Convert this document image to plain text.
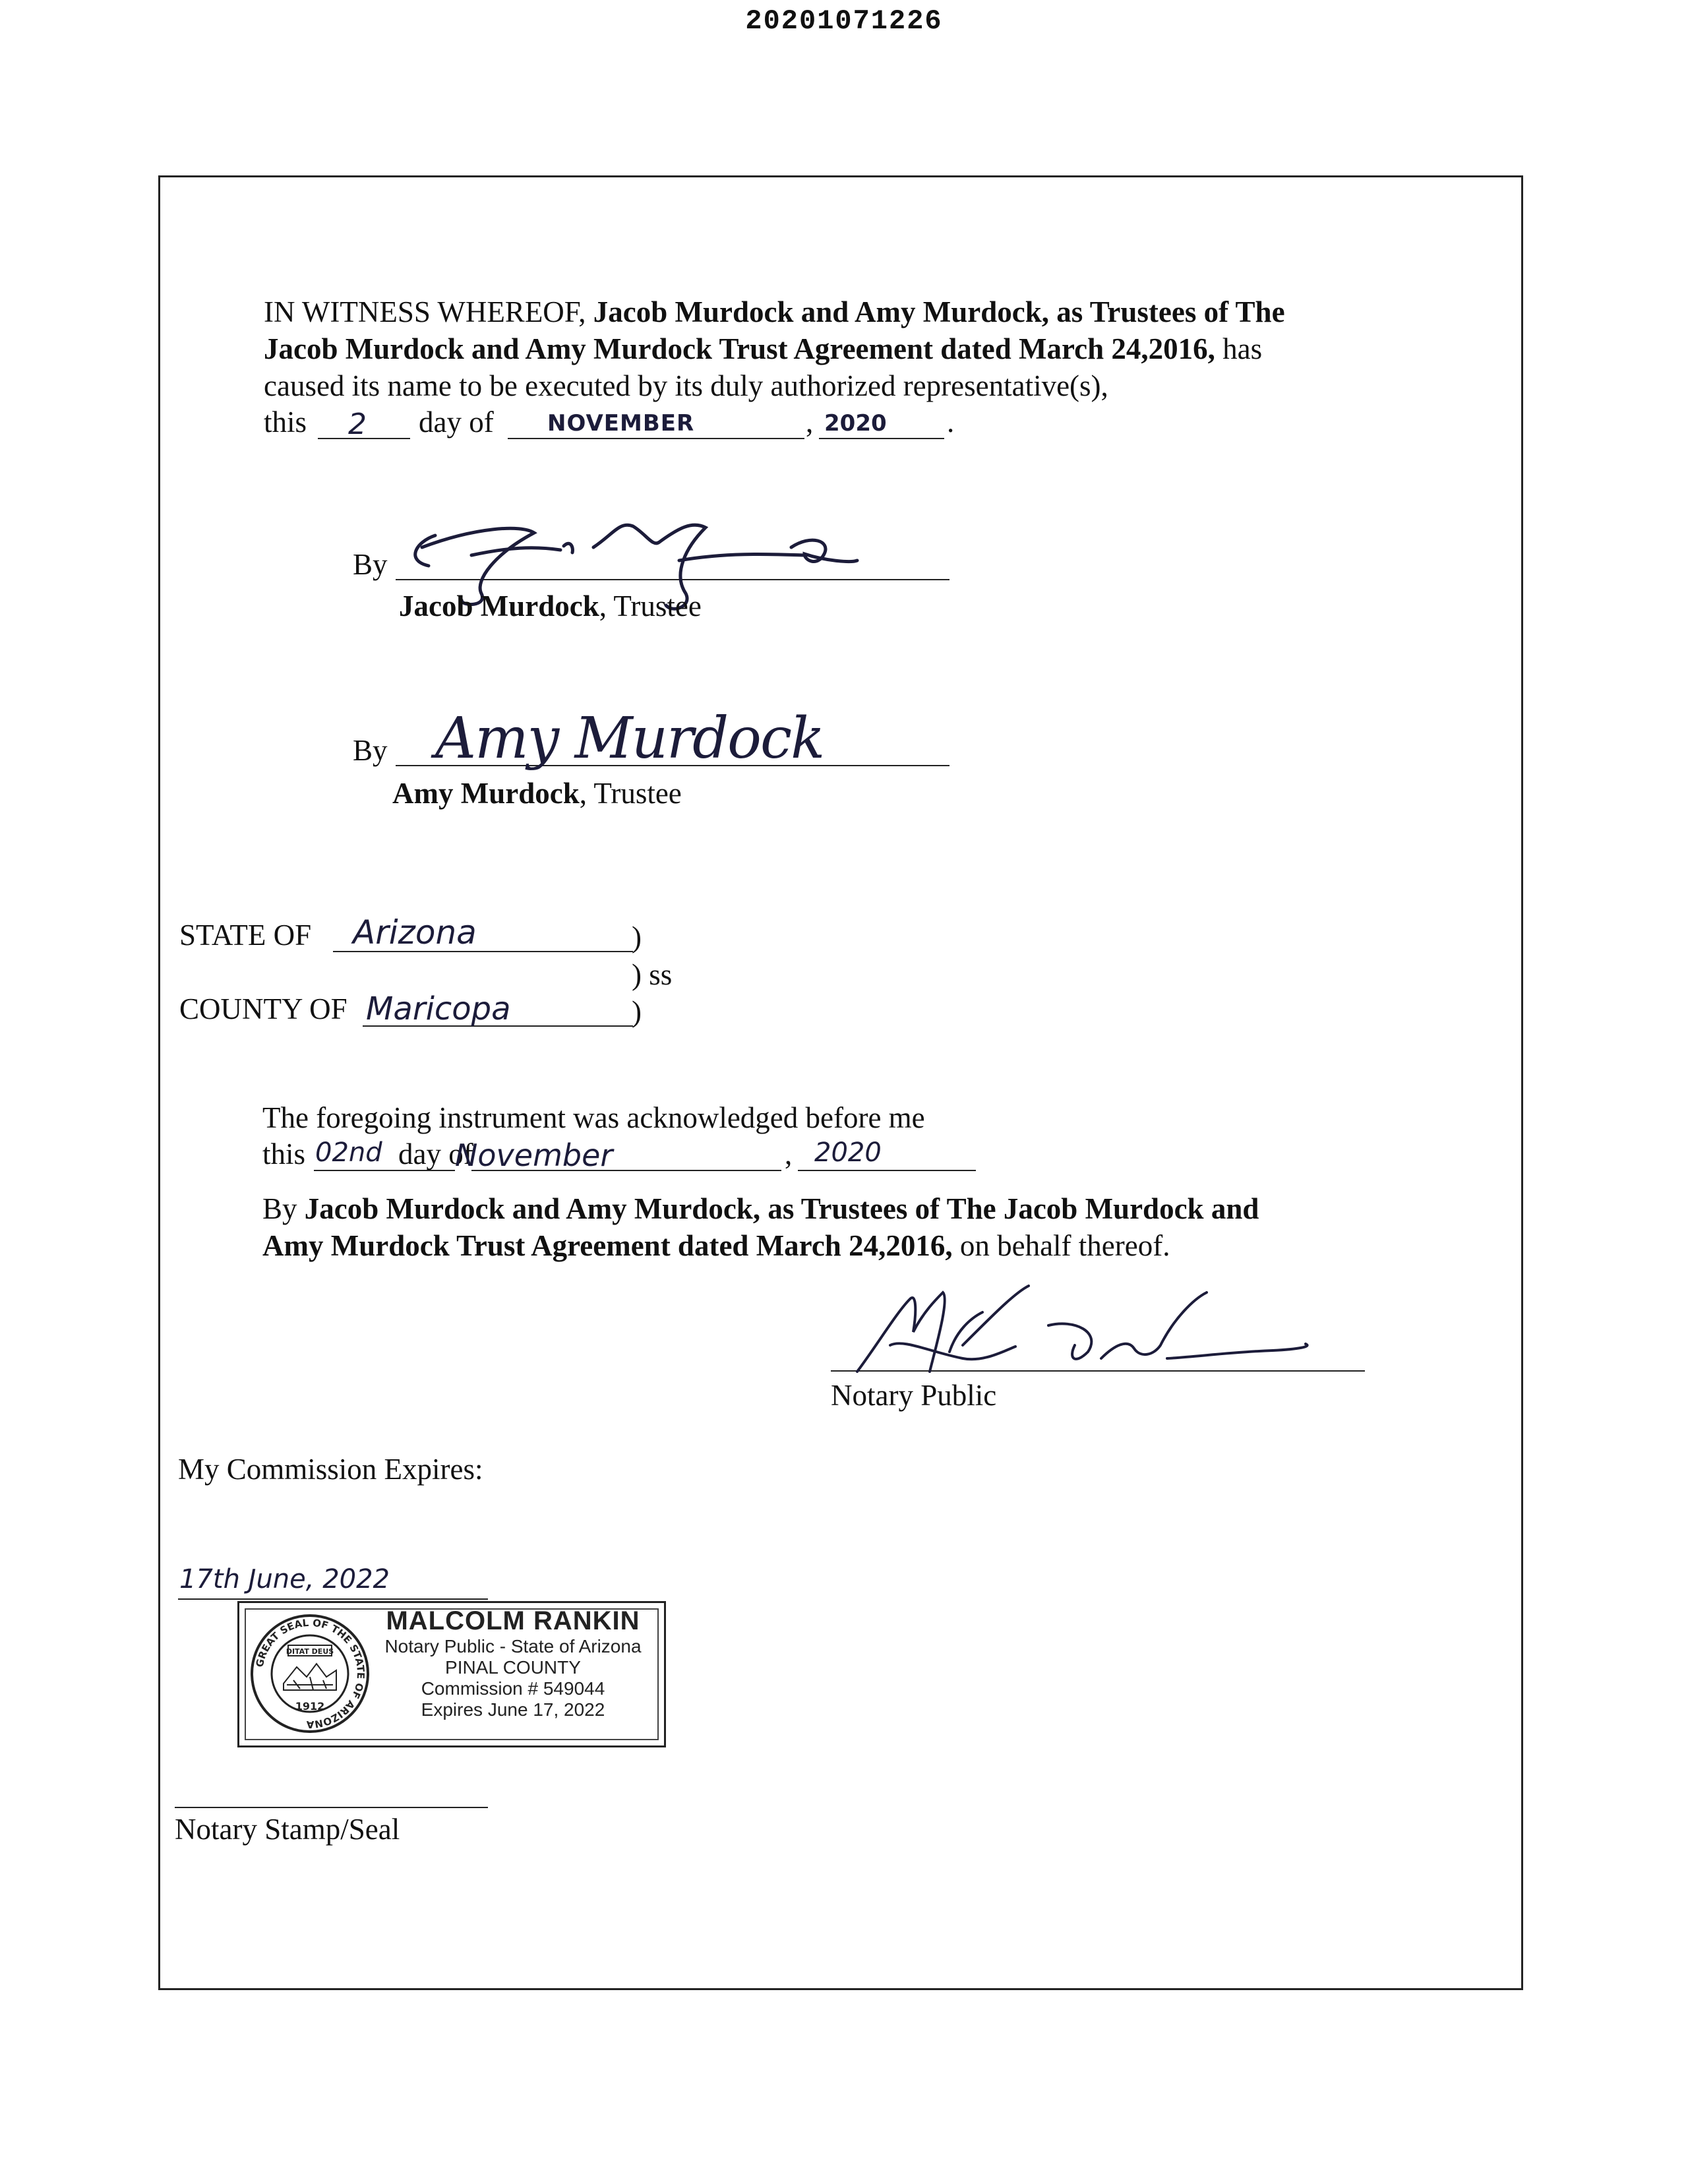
20201071226
IN WITNESS WHEREOF, Jacob Murdock and Amy Murdock, as Trustees of The
Jacob Murdock and Amy Murdock Trust Agreement dated March 24,2016, has
caused its name to be executed by its duly authorized representative(s),
this 2 day of NOVEMBER	, 2020 .
By
Jacob Murdock, Trustee
By Amy Murdock
Amy Murdock, Trustee
STATE OF Arizona	)
) ss
COUNTY OF Maricopa	)
The foregoing instrument was acknowledged before me
this 02nd day of
November	, 2020
By Jacob Murdock and Amy Murdock, as Trustees of The Jacob Murdock and
Amy Murdock Trust Agreement dated March 24,2016, on behalf thereof.
Notary Public
My Commission Expires:
17th June, 2022
GREAT SEAL OF THE STATE OF ARIZONA
DITAT DEUS
1912
MALCOLM RANKIN
Notary Public - State of Arizona
PINAL COUNTY
Commission # 549044
Expires June 17, 2022
Notary Stamp/Seal
